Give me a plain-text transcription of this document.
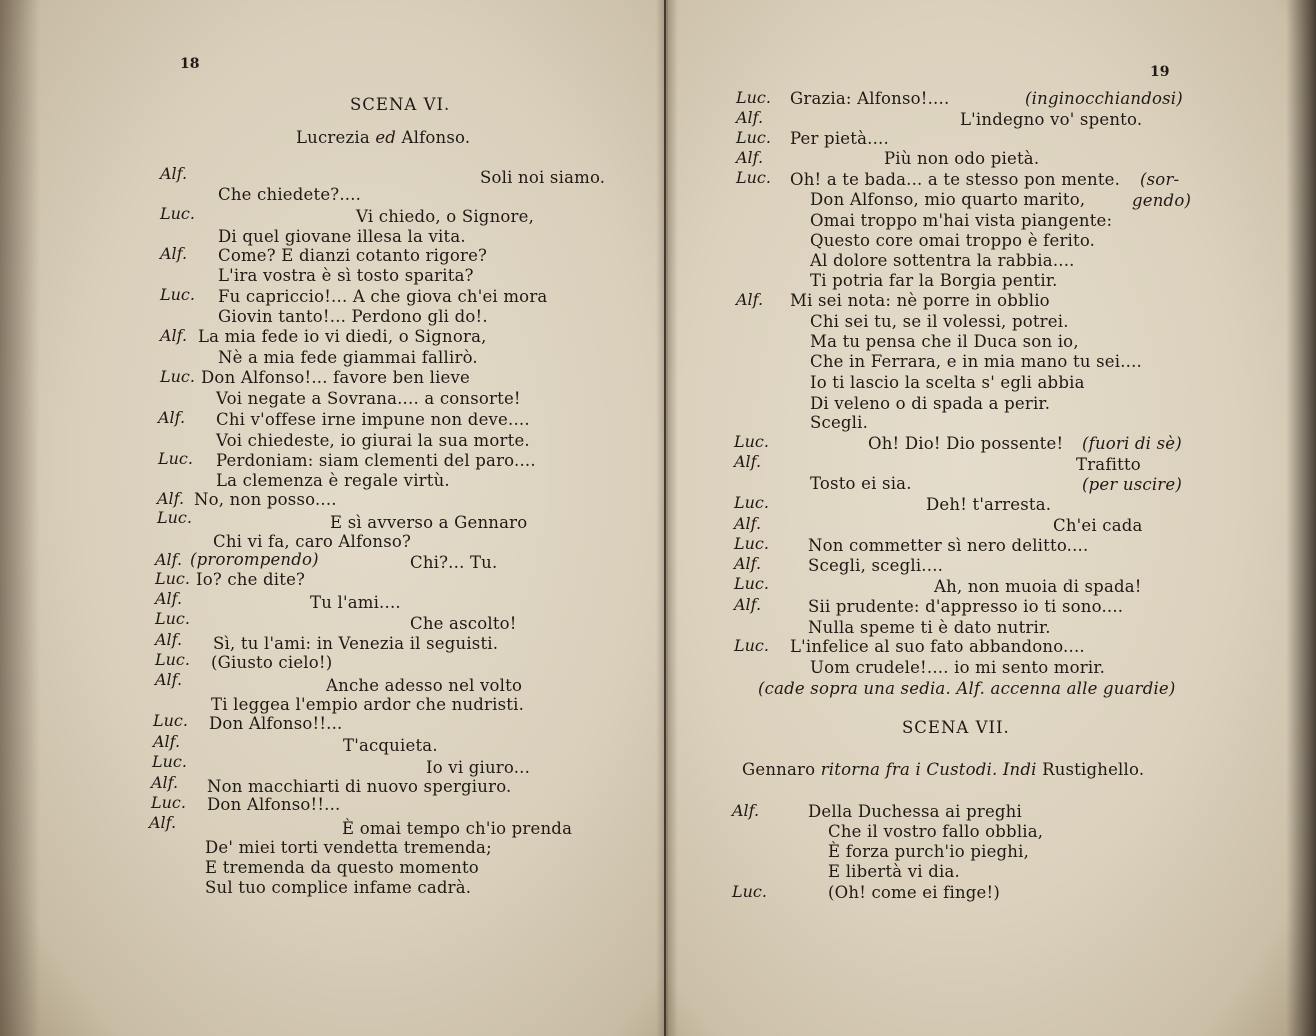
18
SCENA VI.
Lucrezia ed Alfonso.
Alf.	Soli noi siamo.
Che chiedete?....
Luc.	Vi chiedo, o Signore,
Di quel giovane illesa la vita.
Alf. Come? E dianzi cotanto rigore?
L'ira vostra è sì tosto sparita?
Luc. Fu capriccio!... A che giova ch'ei mora
Giovin tanto!... Perdono gli do!.
Alf. La mia fede io vi diedi, o Signora,
Nè a mia fede giammai fallirò.
Luc. Don Alfonso!... favore ben lieve
Voi negate a Sovrana.... a consorte!
Alf. Chi v'offese irne impune non deve....
Voi chiedeste, io giurai la sua morte.
Luc. Perdoniam: siam clementi del paro....
La clemenza è regale virtù.
Alf. No, non posso....
Luc.	E sì avverso a Gennaro
Chi vi fa, caro Alfonso?
Alf. (prorompendo)	Chi?... Tu.
Luc. Io? che dite?
Alf.	Tu l'ami....
Luc.	Che ascolto!
Alf. Sì, tu l'ami: in Venezia il seguisti.
Luc. (Giusto cielo!)
Alf.	Anche adesso nel volto
Ti leggea l'empio ardor che nudristi.
Luc. Don Alfonso!!...
Alf.	T'acquieta.
Luc.	Io vi giuro...
Alf. Non macchiarti di nuovo spergiuro.
Luc. Don Alfonso!!...
Alf.	È omai tempo ch'io prenda
De' miei torti vendetta tremenda;
E tremenda da questo momento
Sul tuo complice infame cadrà.
19
Luc. Grazia: Alfonso!....	(inginocchiandosi)
Alf.	L'indegno vo' spento.
Luc. Per pietà....
Alf.	Più non odo pietà.
Luc. Oh! a te bada... a te stesso pon mente. (sor-
Don Alfonso, mio quarto marito,	gendo)
Omai troppo m'hai vista piangente:
Questo core omai troppo è ferito.
Al dolore sottentra la rabbia....
Ti potria far la Borgia pentir.
Alf. Mi sei nota: nè porre in obblio
Chi sei tu, se il volessi, potrei.
Ma tu pensa che il Duca son io,
Che in Ferrara, e in mia mano tu sei....
Io ti lascio la scelta s' egli abbia
Di veleno o di spada a perir.
Scegli.
Luc.	Oh! Dio! Dio possente! (fuori di sè)
Alf.	Trafitto
Tosto ei sia.	(per uscire)
Luc.	Deh! t'arresta.
Alf.	Ch'ei cada
Luc. Non commetter sì nero delitto....
Alf.	Scegli, scegli....
Luc.	Ah, non muoia di spada!
Alf.	Sii prudente: d'appresso io ti sono....
Nulla speme ti è dato nutrir.
Luc. L'infelice al suo fato abbandono....
Uom crudele!.... io mi sento morir.
(cade sopra una sedia. Alf. accenna alle guardie)
SCENA VII.
Gennaro ritorna fra i Custodi. Indi Rustighello.
Alf.	Della Duchessa ai preghi
Che il vostro fallo obblia,
È forza purch'io pieghi,
E libertà vi dia.
Luc.	(Oh! come ei finge!)
